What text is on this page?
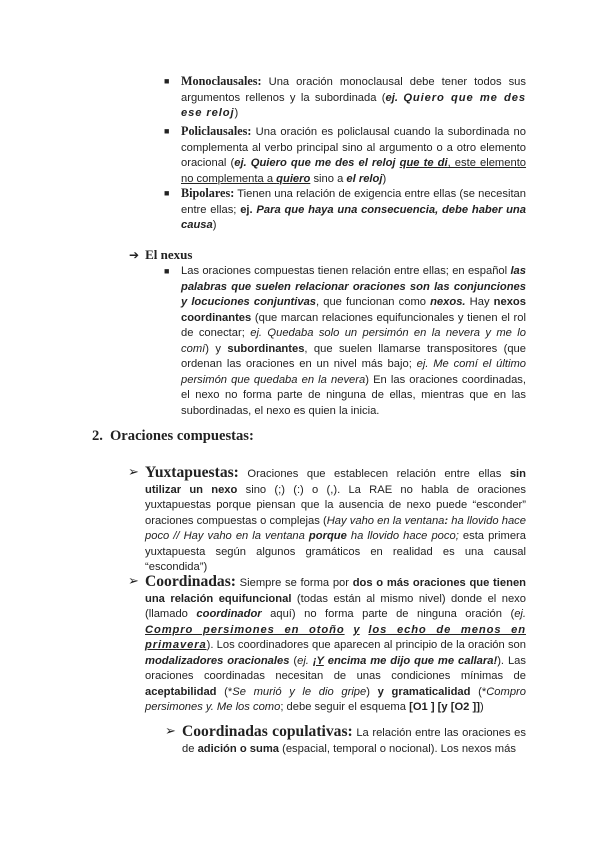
■ Monoclausales: Una oración monoclausal debe tener todos sus argumentos rellenos y la subordinada (ej. Quiero que me des ese reloj)
■ Policlausales: Una oración es policlausal cuando la subordinada no complementa al verbo principal sino al argumento o a otro elemento oracional (ej. Quiero que me des el reloj que te di, este elemento no complementa a quiero sino a el reloj)
■ Bipolares: Tienen una relación de exigencia entre ellas (se necesitan entre ellas; ej. Para que haya una consecuencia, debe haber una causa)
➔ El nexus
■ Las oraciones compuestas tienen relación entre ellas; en español las palabras que suelen relacionar oraciones son las conjunciones y locuciones conjuntivas, que funcionan como nexos. Hay nexos coordinantes (que marcan relaciones equifuncionales y tienen el rol de conectar; ej. Quedaba solo un persimón en la nevera y me lo comí) y subordinantes, que suelen llamarse transpositores (que ordenan las oraciones en un nivel más bajo; ej. Me comí el último persimón que quedaba en la nevera) En las oraciones coordinadas, el nexo no forma parte de ninguna de ellas, mientras que en las subordinadas, el nexo es quien la inicia.
2. Oraciones compuestas:
➢ Yuxtapuestas: Oraciones que establecen relación entre ellas sin utilizar un nexo sino (;) (:) o (,). La RAE no habla de oraciones yuxtapuestas porque piensan que la ausencia de nexo puede “esconder” oraciones compuestas o complejas (Hay vaho en la ventana: ha llovido hace poco // Hay vaho en la ventana porque ha llovido hace poco; esta primera yuxtapuesta según algunos gramáticos en realidad es una causal “escondida”)
➢ Coordinadas: Siempre se forma por dos o más oraciones que tienen una relación equifuncional (todas están al mismo nivel) donde el nexo (llamado coordinador aquí) no forma parte de ninguna oración (ej. Compro persimones en otoño y los echo de menos en primavera). Los coordinadores que aparecen al principio de la oración son modalizadores oracionales (ej. ¡Y encima me dijo que me callara!). Las oraciones coordinadas necesitan de unas condiciones mínimas de aceptabilidad (*Se murió y le dio gripe) y gramaticalidad (*Compro persimones y. Me los como; debe seguir el esquema [O1 ] [y [O2 ]])
➢ Coordinadas copulativas: La relación entre las oraciones es de adición o suma (espacial, temporal o nocional). Los nexos más
